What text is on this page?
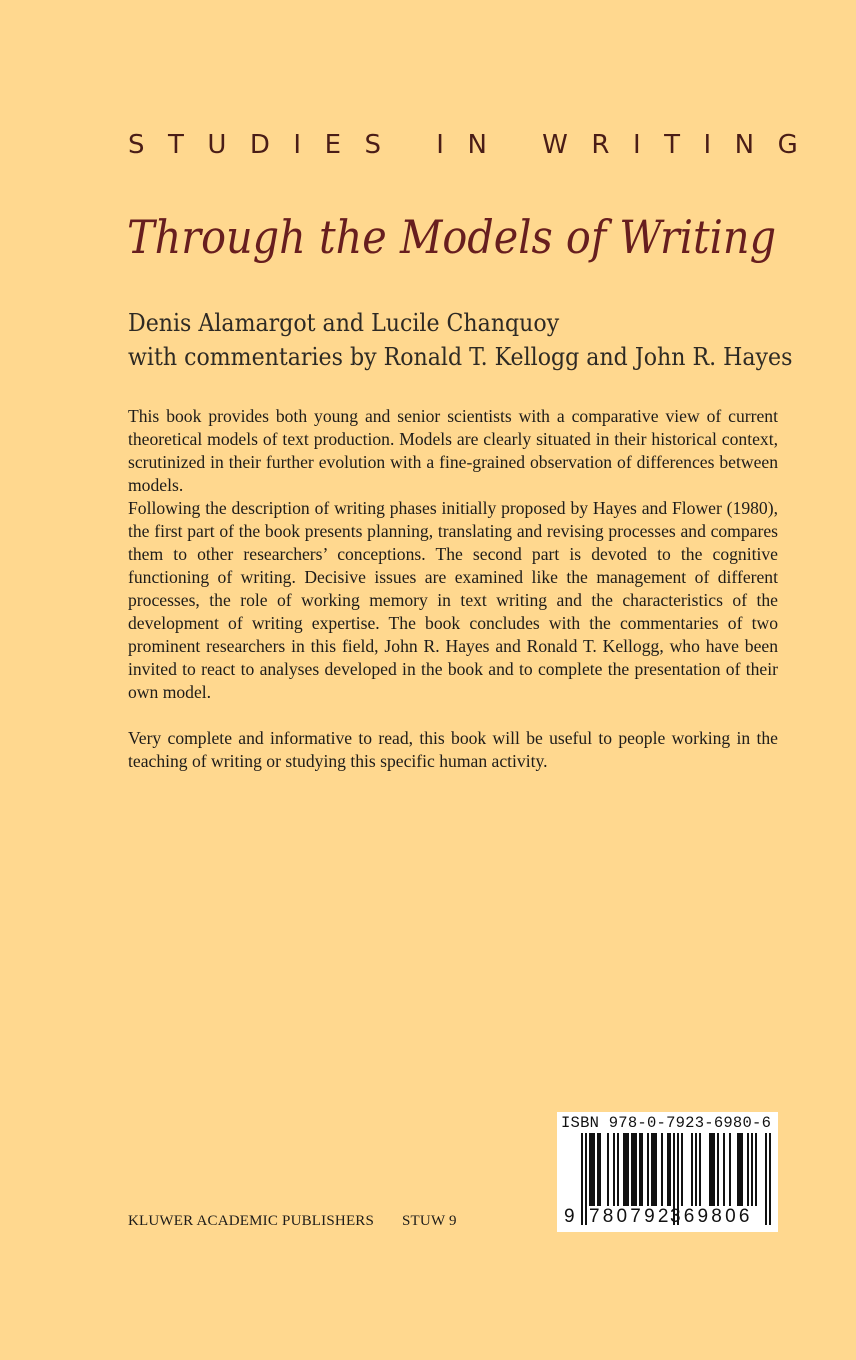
STUDIES IN WRITING
Through the Models of Writing
Denis Alamargot and Lucile Chanquoy
with commentaries by Ronald T. Kellogg and John R. Hayes

This book provides both young and senior scientists with a comparative view of current theoretical models of text production. Models are clearly situated in their historical context, scrutinized in their further evolution with a fine-grained observation of differences between models.

Following the description of writing phases initially proposed by Hayes and Flower (1980), the first part of the book presents planning, translating and revising processes and compares them to other researchers’ conceptions. The second part is devoted to the cognitive functioning of writing. Decisive issues are examined like the management of different processes, the role of working memory in text writing and the characteristics of the development of writing expertise. The book concludes with the commentaries of two prominent researchers in this field, John R. Hayes and Ronald T. Kellogg, who have been invited to react to analyses developed in the book and to complete the presentation of their own model.

Very complete and informative to read, this book will be useful to people working in the teaching of writing or studying this specific human activity.

KLUWER ACADEMIC PUBLISHERS STUW 9
ISBN 978-0-7923-6980-6
9 780792
369806
